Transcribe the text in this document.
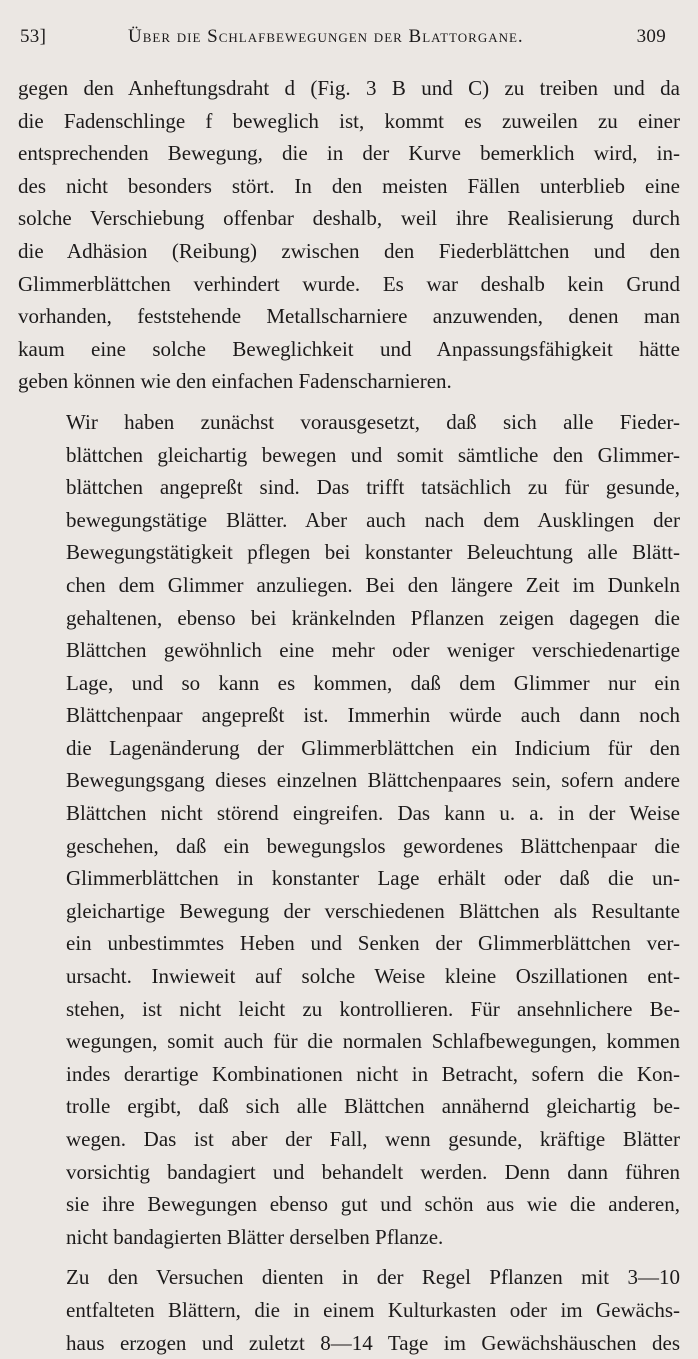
53]	Über die Schlafbewegungen der Blattorgane.	309

gegen den Anheftungsdraht d (Fig. 3 B und C) zu treiben und da
die Fadenschlinge f beweglich ist, kommt es zuweilen zu einer
entsprechenden Bewegung, die in der Kurve bemerklich wird, in-
des nicht besonders stört. In den meisten Fällen unterblieb eine
solche Verschiebung offenbar deshalb, weil ihre Realisierung durch
die Adhäsion (Reibung) zwischen den Fiederblättchen und den
Glimmerblättchen verhindert wurde. Es war deshalb kein Grund
vorhanden, feststehende Metallscharniere anzuwenden, denen man
kaum eine solche Beweglichkeit und Anpassungsfähigkeit hätte
geben können wie den einfachen Fadenscharnieren.

Wir haben zunächst vorausgesetzt, daß sich alle Fieder-
blättchen gleichartig bewegen und somit sämtliche den Glimmer-
blättchen angepreßt sind. Das trifft tatsächlich zu für gesunde,
bewegungstätige Blätter. Aber auch nach dem Ausklingen der
Bewegungstätigkeit pflegen bei konstanter Beleuchtung alle Blätt-
chen dem Glimmer anzuliegen. Bei den längere Zeit im Dunkeln
gehaltenen, ebenso bei kränkelnden Pflanzen zeigen dagegen die
Blättchen gewöhnlich eine mehr oder weniger verschiedenartige
Lage, und so kann es kommen, daß dem Glimmer nur ein
Blättchenpaar angepreßt ist. Immerhin würde auch dann noch
die Lagenänderung der Glimmerblättchen ein Indicium für den
Bewegungsgang dieses einzelnen Blättchenpaares sein, sofern andere
Blättchen nicht störend eingreifen. Das kann u. a. in der Weise
geschehen, daß ein bewegungslos gewordenes Blättchenpaar die
Glimmerblättchen in konstanter Lage erhält oder daß die un-
gleichartige Bewegung der verschiedenen Blättchen als Resultante
ein unbestimmtes Heben und Senken der Glimmerblättchen ver-
ursacht. Inwieweit auf solche Weise kleine Oszillationen ent-
stehen, ist nicht leicht zu kontrollieren. Für ansehnlichere Be-
wegungen, somit auch für die normalen Schlafbewegungen, kommen
indes derartige Kombinationen nicht in Betracht, sofern die Kon-
trolle ergibt, daß sich alle Blättchen annähernd gleichartig be-
wegen. Das ist aber der Fall, wenn gesunde, kräftige Blätter
vorsichtig bandagiert und behandelt werden. Denn dann führen
sie ihre Bewegungen ebenso gut und schön aus wie die anderen,
nicht bandagierten Blätter derselben Pflanze.

Zu den Versuchen dienten in der Regel Pflanzen mit 3—10
entfalteten Blättern, die in einem Kulturkasten oder im Gewächs-
haus erzogen und zuletzt 8—14 Tage im Gewächshäuschen des
